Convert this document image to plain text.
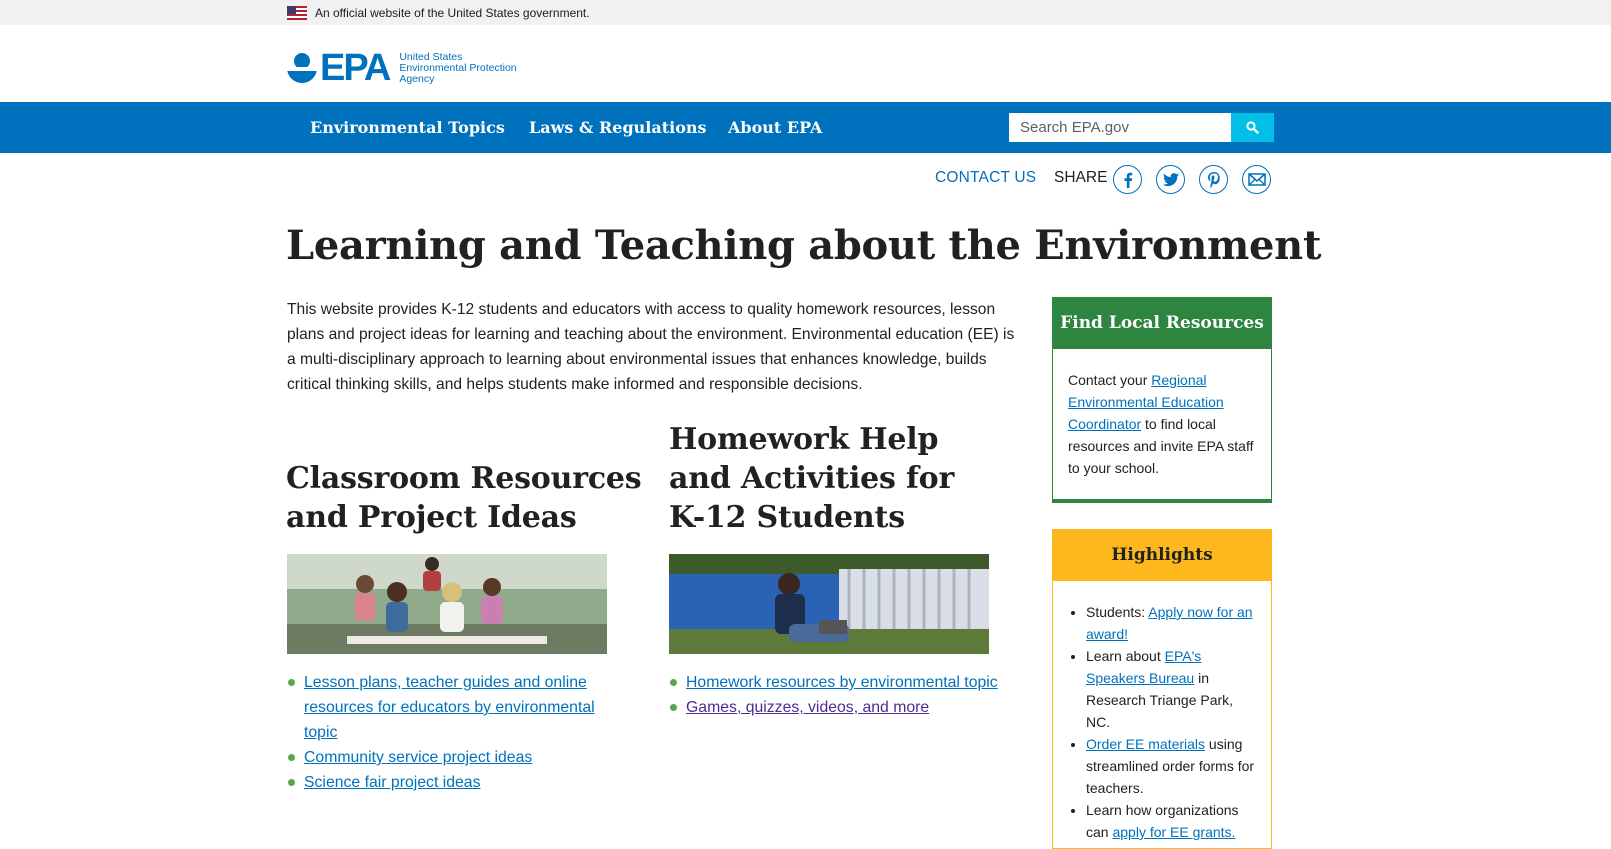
An official website of the United States government.
EPA United States
Environmental Protection
Agency
Environmental Topics Laws & Regulations About EPA
Search EPA.gov
CONTACT US SHARE
Learning and Teaching about the Environment

This website provides K-12 students and educators with access to quality homework resources, lesson plans and project ideas for learning and teaching about the environment. Environmental education (EE) is a multi-disciplinary approach to learning about environmental issues that enhances knowledge, builds critical thinking skills, and helps students make informed and responsible decisions.

Classroom Resources
and Project Ideas
Lesson plans, teacher guides and online resources for educators by environmental topic
Community service project ideas
Science fair project ideas
Homework Help
and Activities for
K-12 Students
Homework resources by environmental topic
Games, quizzes, videos, and more
Find Local Resources
Contact your Regional Environmental Education Coordinator to find local resources and invite EPA staff to your school.
Highlights
• Students: Apply now for an award!
• Learn about EPA's Speakers Bureau in Research Triange Park, NC.
• Order EE materials using streamlined order forms for teachers.
• Learn how organizations can apply for EE grants.
